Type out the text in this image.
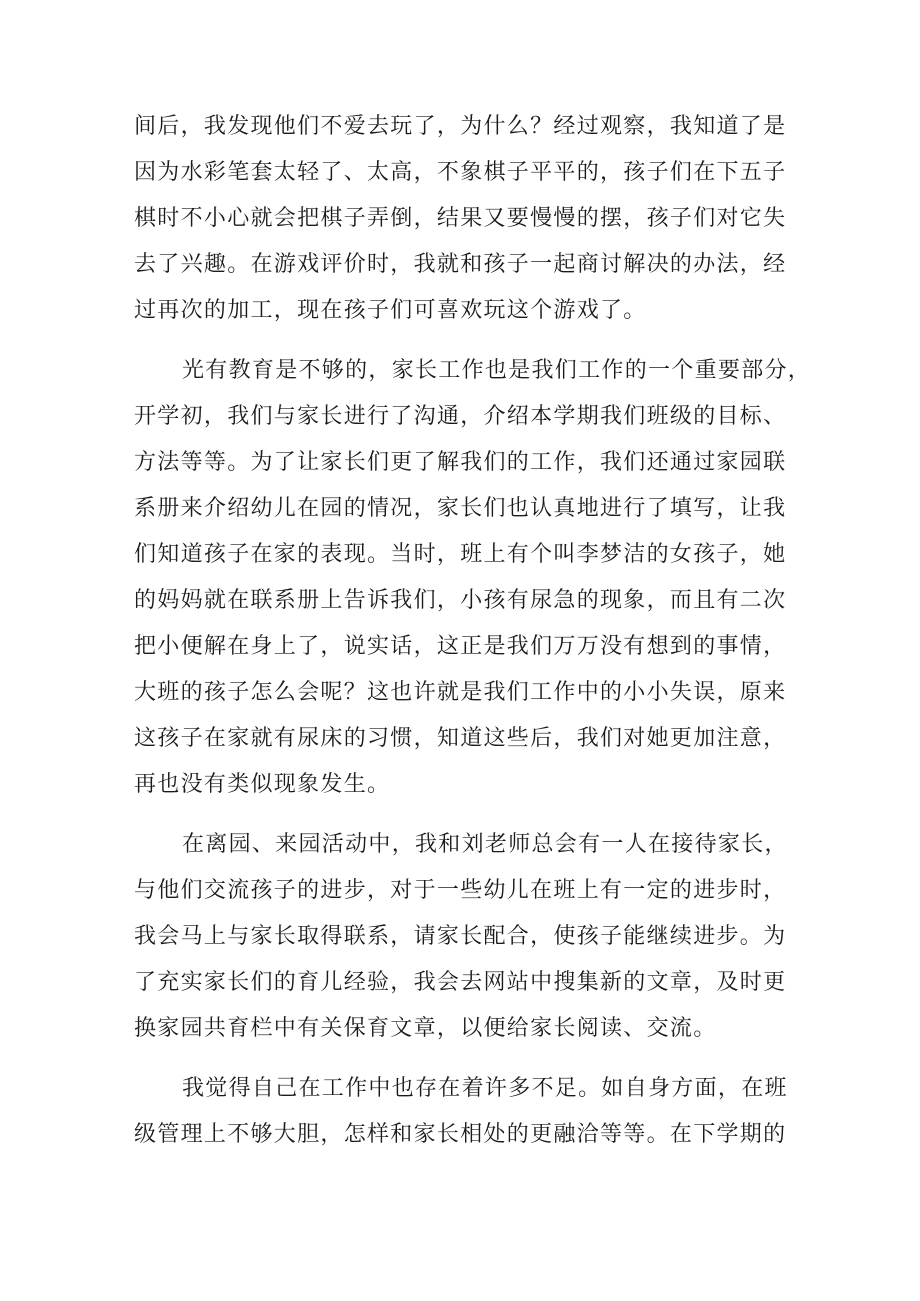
间后，我发现他们不爱去玩了，为什么？经过观察，我知道了是
因为水彩笔套太轻了、太高，不象棋子平平的，孩子们在下五子
棋时不小心就会把棋子弄倒，结果又要慢慢的摆，孩子们对它失
去了兴趣。在游戏评价时，我就和孩子一起商讨解决的办法，经
过再次的加工，现在孩子们可喜欢玩这个游戏了。
光有教育是不够的，家长工作也是我们工作的一个重要部分，
开学初，我们与家长进行了沟通，介绍本学期我们班级的目标、
方法等等。为了让家长们更了解我们的工作，我们还通过家园联
系册来介绍幼儿在园的情况，家长们也认真地进行了填写，让我
们知道孩子在家的表现。当时，班上有个叫李梦洁的女孩子，她
的妈妈就在联系册上告诉我们，小孩有尿急的现象，而且有二次
把小便解在身上了，说实话，这正是我们万万没有想到的事情，
大班的孩子怎么会呢？这也许就是我们工作中的小小失误，原来
这孩子在家就有尿床的习惯，知道这些后，我们对她更加注意，
再也没有类似现象发生。
在离园、来园活动中，我和刘老师总会有一人在接待家长，
与他们交流孩子的进步，对于一些幼儿在班上有一定的进步时，
我会马上与家长取得联系，请家长配合，使孩子能继续进步。为
了充实家长们的育儿经验，我会去网站中搜集新的文章，及时更
换家园共育栏中有关保育文章，以便给家长阅读、交流。
我觉得自己在工作中也存在着许多不足。如自身方面，在班
级管理上不够大胆，怎样和家长相处的更融洽等等。在下学期的
